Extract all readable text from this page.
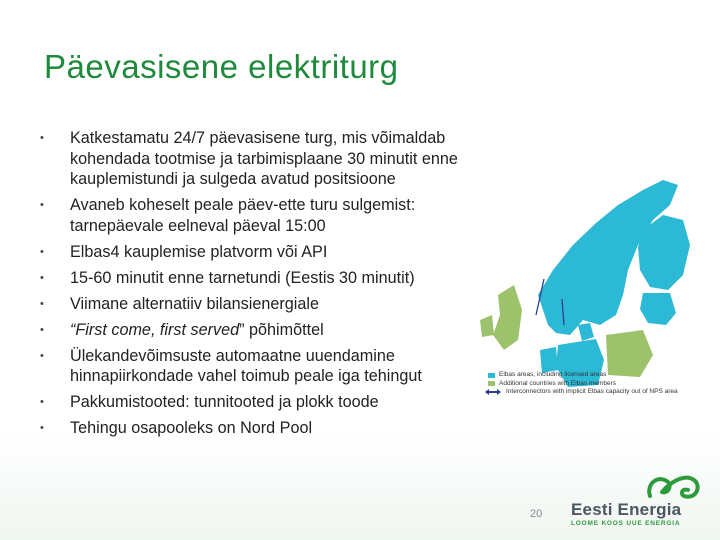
Päevasisene elektriturg
• Katkestamatu 24/7 päevasisene turg, mis võimaldab kohendada tootmise ja tarbimisplaane 30 minutit enne kauplemistundi ja sulgeda avatud positsioone
• Avaneb koheselt peale päev-ette turu sulgemist: tarnepäevale eelneval päeval 15:00
• Elbas4 kauplemise platvorm või API
• 15-60 minutit enne tarnetundi (Eestis 30 minutit)
• Viimane alternatiiv bilansienergiale
• “First come, first served” põhimõttel
• Ülekandevõimsuste automaatne uuendamine hinnapiirkondade vahel toimub peale iga tehingut
• Pakkumistooted: tunnitooted ja plokk toode
• Tehingu osapooleks on Nord Pool
Elbas areas, including licensed areas
Additional countries with Elbas members
Interconnectors with implicit Elbas capacity out of NPS area
20 Eesti Energia
LOOME KOOS UUE ENERGIA
